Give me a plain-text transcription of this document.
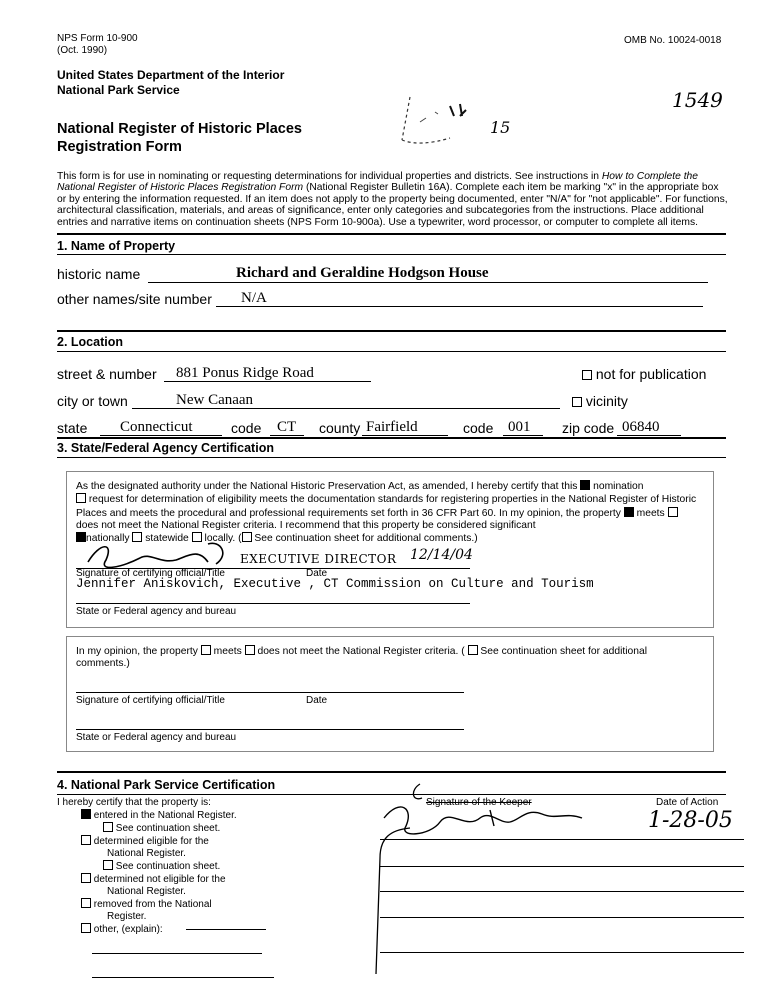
NPS Form 10-900
(Oct. 1990)
OMB No. 10024-0018
United States Department of the Interior
National Park Service
National Register of Historic Places
Registration Form
15
1549
This form is for use in nominating or requesting determinations for individual properties and districts. See instructions in How to Complete the
National Register of Historic Places Registration Form (National Register Bulletin 16A). Complete each item be marking "x" in the appropriate box
or by entering the information requested. If an item does not apply to the property being documented, enter "N/A" for "not applicable". For functions,
architectural classification, materials, and areas of significance, enter only categories and subcategories from the instructions. Place additional
entries and narrative items on continuation sheets (NPS Form 10-900a). Use a typewriter, word processor, or computer to complete all items.
1. Name of Property
historic name	Richard and Geraldine Hodgson House
other names/site number N/A
2. Location
street & number 881 Ponus Ridge Road	not for publication
city or town	New Canaan	vicinity
state Connecticut	code CT county Fairfield	code 001 zip code 06840
3. State/Federal Agency Certification
As the designated authority under the National Historic Preservation Act, as amended, I hereby certify that this nomination
request for determination of eligibility meets the documentation standards for registering properties in the National Register of Historic
Places and meets the procedural and professional requirements set forth in 36 CFR Part 60. In my opinion, the property meets
does not meet the National Register criteria. I recommend that this property be considered significant
nationally statewide locally. ( See continuation sheet for additional comments.)
EXECUTIVE DIRECTOR 12/14/04
Signature of certifying official/Title	Date
Jennifer Aniskovich, Executive , CT Commission on Culture and Tourism
State or Federal agency and bureau
In my opinion, the property meets does not meet the National Register criteria. ( See continuation sheet for additional
comments.)
Signature of certifying official/Title	Date
State or Federal agency and bureau
4. National Park Service Certification
I hereby certify that the property is:
entered in the National Register.
See continuation sheet.
determined eligible for the
National Register.
See continuation sheet.
determined not eligible for the
National Register.
removed from the National
Register.
other, (explain):
Signature of the Keeper	Date of Action
1-28-05
